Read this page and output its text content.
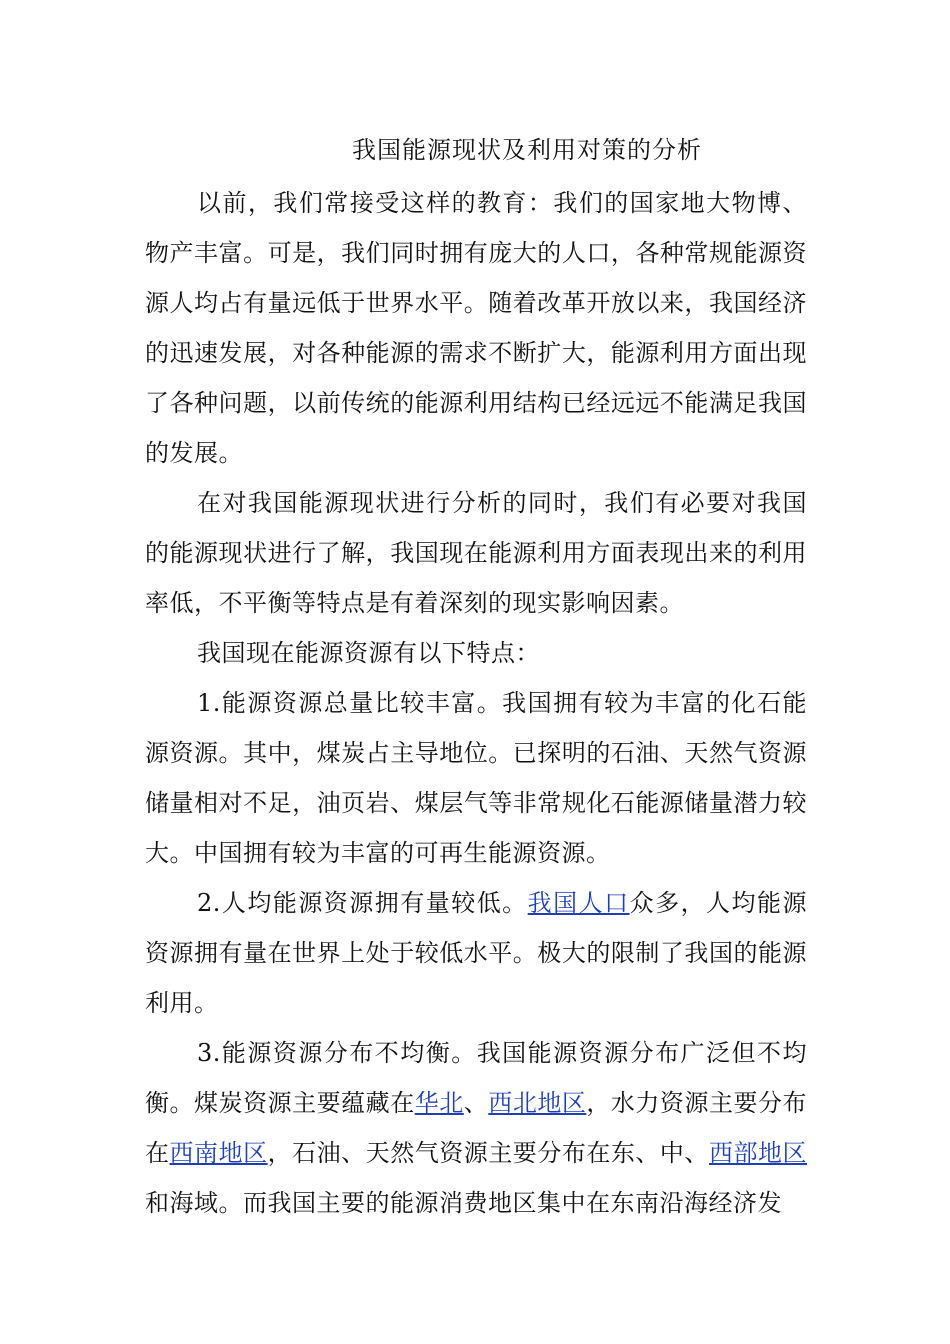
我国能源现状及利用对策的分析

以前，我们常接受这样的教育：我们的国家地大物博、物产丰富。可是，我们同时拥有庞大的人口，各种常规能源资源人均占有量远低于世界水平。随着改革开放以来，我国经济的迅速发展，对各种能源的需求不断扩大，能源利用方面出现了各种问题，以前传统的能源利用结构已经远远不能满足我国的发展。

在对我国能源现状进行分析的同时，我们有必要对我国的能源现状进行了解，我国现在能源利用方面表现出来的利用率低，不平衡等特点是有着深刻的现实影响因素。

我国现在能源资源有以下特点：

1.能源资源总量比较丰富。我国拥有较为丰富的化石能源资源。其中，煤炭占主导地位。已探明的石油、天然气资源储量相对不足，油页岩、煤层气等非常规化石能源储量潜力较大。中国拥有较为丰富的可再生能源资源。

2.人均能源资源拥有量较低。我国人口众多，人均能源资源拥有量在世界上处于较低水平。极大的限制了我国的能源利用。

3.能源资源分布不均衡。我国能源资源分布广泛但不均衡。煤炭资源主要蕴藏在华北、西北地区，水力资源主要分布在西南地区，石油、天然气资源主要分布在东、中、西部地区和海域。而我国主要的能源消费地区集中在东南沿海经济发
